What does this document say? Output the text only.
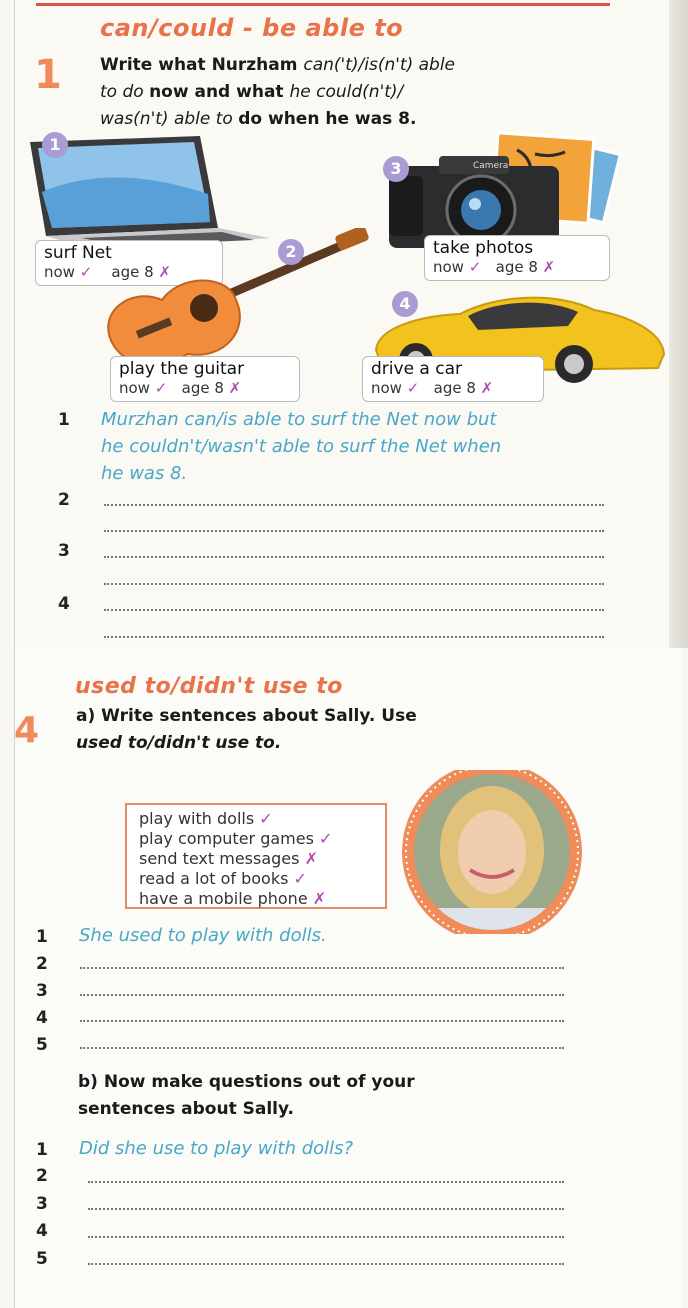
can/could - be able to
1 Write what Nurzham can('t)/is(n't) able
to do now and what he could(n't)/
was(n't) able to do when he was 8.
1
surf Net
now ✓ age 8 ✗
2
play the guitar
now ✓ age 8 ✗
Camera
3
take photos
now ✓ age 8 ✗
4
drive a car
now ✓ age 8 ✗
1 Murzhan can/is able to surf the Net now but
he couldn't/wasn't able to surf the Net when
he was 8.
2
3
4
used to/didn't use to
4 a) Write sentences about Sally. Use
used to/didn't use to.
play with dolls ✓
play computer games ✓
send text messages ✗
read a lot of books ✓
have a mobile phone ✗
1 She used to play with dolls.
2
3
4
5
b) Now make questions out of your
sentences about Sally.
1 Did she use to play with dolls?
2
3
4
5
